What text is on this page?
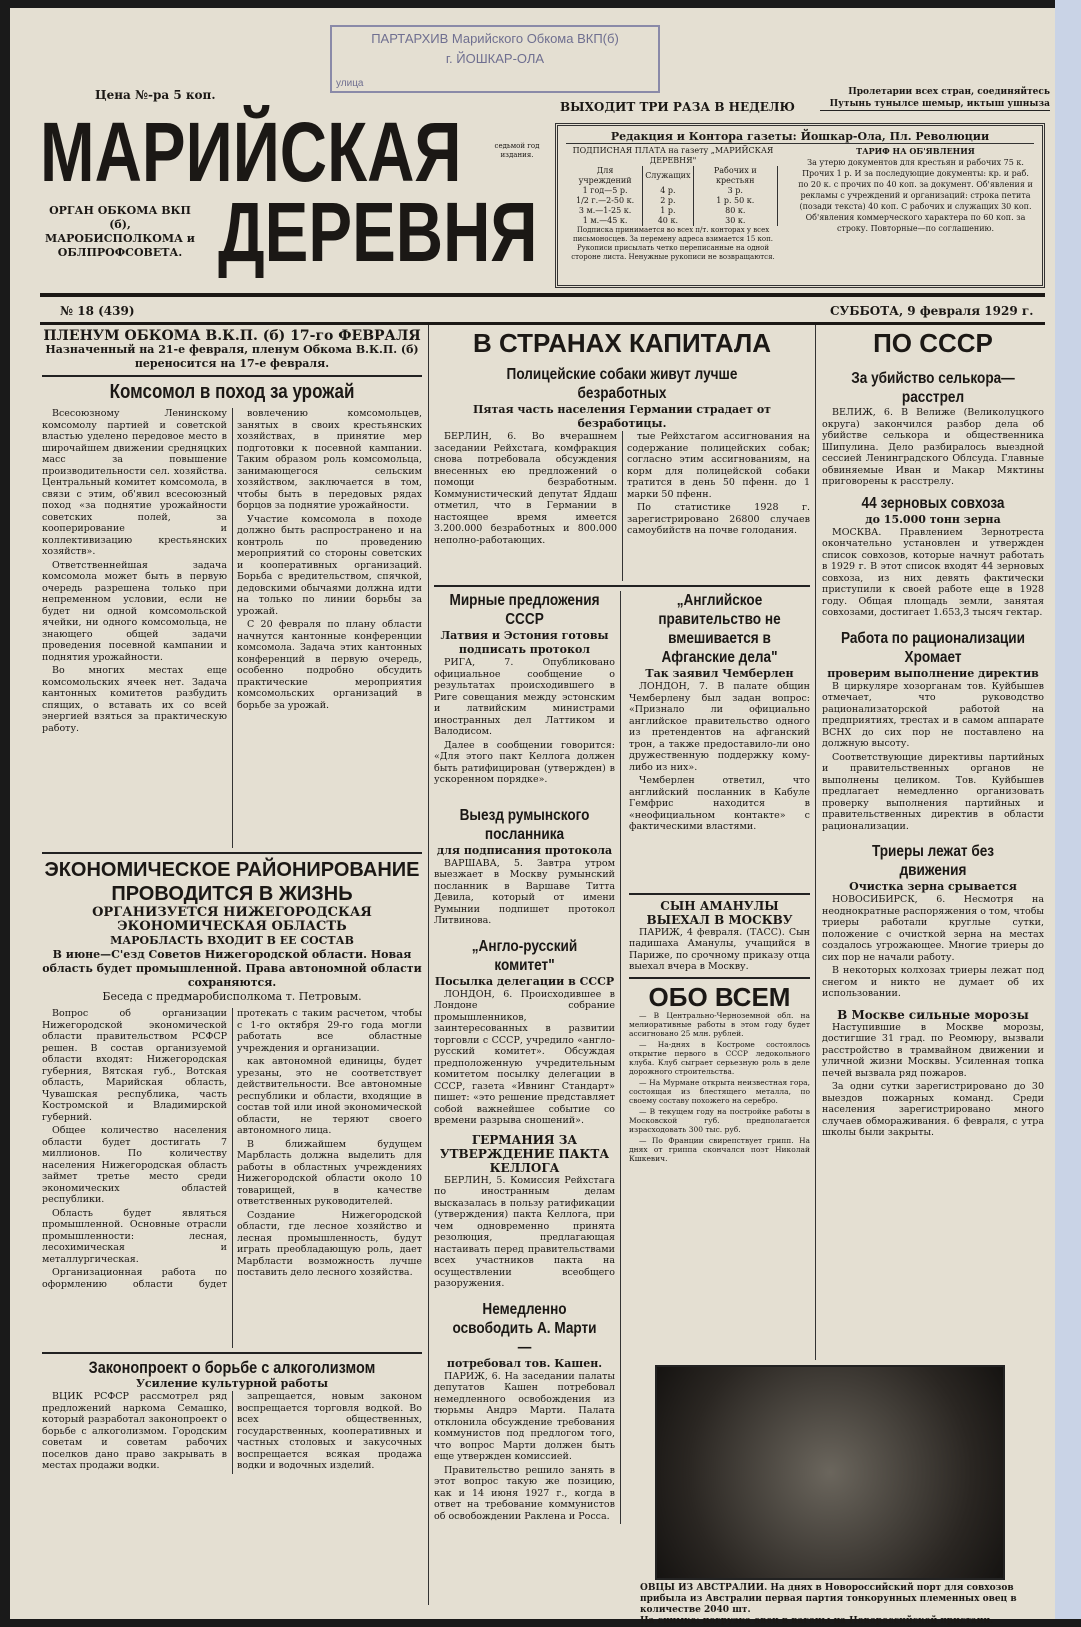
ПАРТАРХИВ Марийского Обкома ВКП(б)
г. ЙОШКАР-ОЛА
улица
Цена №-ра 5 коп.
МАРИЙСКАЯ
ДЕРЕВНЯ
седьмой год издания.
ОРГАН ОБКОМА ВКП (б), МАРОБИСПОЛКОМА и ОБЛПРОФСОВЕТА.
ВЫХОДИТ ТРИ РАЗА В НЕДЕЛЮ
Пролетарии всех стран, соединяйтесь
Путынь тунылсе шемыр, иктыш ушныза
Редакция и Контора газеты: Йошкар-Ола, Пл. Революции
ПОДПИСНАЯ ПЛАТА на газету „МАРИЙСКАЯ ДЕРЕВНЯ"
Для учреждений	Служащих	Рабочих и крестьян
1 год—5 р.	4 р.	3 р.
1/2 г.—2-50 к.	2 р.	1 р. 50 к.
3 м.—1-25 к.	1 р.	80 к.
1 м.—45 к.	40 к.	30 к.
Подписка принимается во всех п/т. конторах у всех письмоносцев. За перемену адреса взимается 15 коп. Рукописи присылать четко переписанные на одной стороне листа. Ненужные рукописи не возвращаются.
ТАРИФ НА ОБ'ЯВЛЕНИЯ
За утерю документов для крестьян и рабочих 75 к. Прочих 1 р. И за последующие документы: кр. и раб. по 20 к. с прочих по 40 коп. за документ. Об'явления и рекламы с учреждений и организаций: строка петита (позади текста) 40 коп. С рабочих и служащих 30 коп. Об'явления коммерческого характера по 60 коп. за строку. Повторные—по соглашению.
№ 18 (439)	СУББОТА, 9 февраля 1929 г.
ПЛЕНУМ ОБКОМА В.К.П. (б) 17-го ФЕВРАЛЯ
Назначенный на 21-е февраля, пленум Обкома В.К.П. (б) переносится на 17-е февраля.
Комсомол в поход за урожай

Всесоюзному Ленинскому комсомолу партией и советской властью уделено передовое место в широчайшем движении средняцких масс за повышение производительности сел. хозяйства. Центральный комитет комсомола, в связи с этим, об'явил всесоюзный поход «за поднятие урожайности советских полей, за кооперирование и коллективизацию крестьянских хозяйств».

Ответственнейшая задача комсомола может быть в первую очередь разрешена только при непременном условии, если не будет ни одной комсомольской ячейки, ни одного комсомольца, не знающего общей задачи проведения посевной кампании и поднятия урожайности.

Во многих местах еще комсомольских ячеек нет. Задача кантонных комитетов разбудить спящих, о вставать их со всей энергией взяться за практическую работу.

вовлечению комсомольцев, занятых в своих крестьянских хозяйствах, в принятие мер подготовки к посевной кампании. Таким образом роль комсомольца, занимающегося сельским хозяйством, заключается в том, чтобы быть в передовых рядах борцов за поднятие урожайности.

Участие комсомола в походе должно быть распространено и на контроль по проведению мероприятий со стороны советских и кооперативных организаций. Борьба с вредительством, спячкой, дедовскими обычаями должна идти на только по линии борьбы за урожай.

С 20 февраля по плану области начнутся кантонные конференции комсомола. Задача этих кантонных конференций в первую очередь, особенно подробно обсудить практические мероприятия комсомольских организаций в борьбе за урожай.

ЭКОНОМИЧЕСКОЕ РАЙОНИРОВАНИЕ
ПРОВОДИТСЯ В ЖИЗНЬ
ОРГАНИЗУЕТСЯ НИЖЕГОРОДСКАЯ ЭКОНОМИЧЕСКАЯ ОБЛАСТЬ
МАРОБЛАСТЬ ВХОДИТ В ЕЕ СОСТАВ
В июне—С'езд Советов Нижегородской области. Новая область будет промышленной. Права автономной области сохраняются.
Беседа с предмаробисполкома т. Петровым.

Вопрос об организации Нижегородской экономической области правительством РСФСР решен. В состав организуемой области входят: Нижегородская губерния, Вятская губ., Вотская область, Марийская область, Чувашская республика, часть Костромской и Владимирской губерний.

Общее количество населения области будет достигать 7 миллионов. По количеству населения Нижегородская область займет третье место среди экономических областей республики.

Область будет являться промышленной. Основные отрасли промышленности: лесная, лесохимическая и металлургическая.

Организационная работа по оформлению области будет протекать с таким расчетом, чтобы с 1-го октября 29-го года могли работать все областные учреждения и организации.

как автономной единицы, будет урезаны, это не соответствует действительности. Все автономные республики и области, входящие в состав той или иной экономической области, не теряют своего автономного лица.

В ближайшем будущем Марбласть должна выделить для работы в областных учреждениях Нижегородской области около 10 товарищей, в качестве ответственных руководителей.

Создание Нижегородской области, где лесное хозяйство и лесная промышленность, будут играть преобладающую роль, дает Марбласти возможность лучше поставить дело лесного хозяйства.

Законопроект о борьбе с алкоголизмом
Усиление культурной работы

ВЦИК РСФСР рассмотрел ряд предложений наркома Семашко, который разработал законопроект о борьбе с алкоголизмом. Городским советам и советам рабочих поселков дано право закрывать в местах продажи водки.

запрещается, новым законом воспрещается торговля водкой. Во всех общественных, государственных, кооперативных и частных столовых и закусочных воспрещается всякая продажа водки и водочных изделий.

В СТРАНАХ КАПИТАЛА
Полицейские собаки живут лучше безработных
Пятая часть населения Германии страдает от безработицы.

БЕРЛИН, 6. Во вчерашнем заседании Рейхстага, комфракция снова потребовала обсуждения внесенных ею предложений о помощи безработным. Коммунистический депутат Яддаш отметил, что в Германии в настоящее время имеется 3.200.000 безработных и 800.000 неполно-работающих.

тые Рейхстагом ассигнования на содержание полицейских собак; согласно этим ассигнованиям, на корм для полицейской собаки тратится в день 50 пфенн. до 1 марки 50 пфенн.

По статистике 1928 г. зарегистрировано 26800 случаев самоубийств на почве голодания.

Мирные предложения СССР
Латвия и Эстония готовы подписать протокол

РИГА, 7. Опубликовано официальное сообщение о результатах происходившего в Риге совещания между эстонским и латвийским министрами иностранных дел Латтиком и Валодисом.

Далее в сообщении говорится: «Для этого пакт Келлога должен быть ратифицирован (утвержден) в ускоренном порядке».

Выезд румынского посланника
для подписания протокола

ВАРШАВА, 5. Завтра утром выезжает в Москву румынский посланник в Варшаве Титта Девила, который от имени Румынии подпишет протокол Литвинова.

„Англо-русский комитет"
Посылка делегации в СССР

ЛОНДОН, 6. Происходившее в Лондоне собрание промышленников, заинтересованных в развитии торговли с СССР, учредило «англо-русский комитет». Обсуждая предположенную учредительным комитетом посылку делегации в СССР, газета «Ивнинг Стандарт» пишет: «это решение представляет собой важнейшее событие со времени разрыва сношений».

ГЕРМАНИЯ ЗА УТВЕРЖДЕНИЕ ПАКТА КЕЛЛОГА

БЕРЛИН, 5. Комиссия Рейхстага по иностранным делам высказалась в пользу ратификации (утверждения) пакта Келлога, при чем одновременно принята резолюция, предлагающая настаивать перед правительствами всех участников пакта на осуществлении всеобщего разоружения.

Немедленно освободить А. Марти—
потребовал тов. Кашен.

ПАРИЖ, 6. На заседании палаты депутатов Кашен потребовал немедленного освобождения из тюрьмы Андрэ Марти. Палата отклонила обсуждение требования коммунистов под предлогом того, что вопрос Марти должен быть еще утвержден комиссией.

Правительство решило занять в этот вопрос такую же позицию, как и 14 июня 1927 г., когда в ответ на требование коммунистов об освобождении Раклена и Росса.

„Английское правительство не вмешивается в Афганские дела"
Так заявил Чемберлен

ЛОНДОН, 7. В палате общин Чемберлену был задан вопрос: «Признало ли официально английское правительство одного из претендентов на афганский трон, а также предоставило-ли оно дружественную поддержку кому-либо из них».

Чемберлен ответил, что английский посланник в Кабуле Гемфрис находится в «неофициальном контакте» с фактическими властями.

СЫН АМАНУЛЫ ВЫЕХАЛ В МОСКВУ

ПАРИЖ, 4 февраля. (ТАСС). Сын падишаха Аманулы, учащийся в Париже, по срочному приказу отца выехал вчера в Москву.

ОБО ВСЕМ

— В Центрально-Черноземной обл. на мелиоративные работы в этом году будет ассигновано 25 млн. рублей.

— На-днях в Костроме состоялось открытие первого в СССР ледокольного клуба. Клуб сыграет серьезную роль в деле дорожного строительства.

— На Мурмане открыта неизвестная гора, состоящая из блестящего металла, по своему составу похожего на серебро.

— В текущем году на постройке работы в Московской губ. предполагается израсходовать 300 тыс. руб.

— По Франции свирепствует грипп. На днях от гриппа скончался поэт Николай Кшкевич.

ПО СССР
За убийство селькора—расстрел

ВЕЛИЖ, 6. В Велиже (Великолуцкого округа) закончился разбор дела об убийстве селькора и общественника Шипулина. Дело разбиралось выездной сессией Ленинградского Облсуда. Главные обвиняемые Иван и Макар Мяктины приговорены к расстрелу.

44 зерновых совхоза
до 15.000 тонн зерна

МОСКВА. Правлением Зернотреста окончательно установлен и утвержден список совхозов, которые начнут работать в 1929 г. В этот список входят 44 зерновых совхоза, из них девять фактически приступили к своей работе еще в 1928 году. Общая площадь земли, занятая совхозами, достигает 1.653,3 тысяч гектар.

Работа по рационализации
Хромает
проверим выполнение директив

В циркуляре хозорганам тов. Куйбышев отмечает, что руководство рационализаторской работой на предприятиях, трестах и в самом аппарате ВСНХ до сих пор не поставлено на должную высоту.

Соответствующие директивы партийных и правительственных органов не выполнены целиком. Тов. Куйбышев предлагает немедленно организовать проверку выполнения партийных и правительственных директив в области рационализации.

Триеры лежат без движения
Очистка зерна срывается

НОВОСИБИРСК, 6. Несмотря на неоднократные распоряжения о том, чтобы триеры работали круглые сутки, положение с очисткой зерна на местах создалось угрожающее. Многие триеры до сих пор не начали работу.

В некоторых колхозах триеры лежат под снегом и никто не думает об их использовании.

В Москве сильные морозы

Наступившие в Москве морозы, достигшие 31 град. по Реомюру, вызвали расстройство в трамвайном движении и уличной жизни Москвы. Усиленная топка печей вызвала ряд пожаров.

За одни сутки зарегистрировано до 30 выездов пожарных команд. Среди населения зарегистрировано много случаев обмораживания. 6 февраля, с утра школы были закрыты.

ОВЦЫ ИЗ АВСТРАЛИИ. На днях в Новороссийский порт для совхозов прибыла из Австралии первая партия тонкорунных племенных овец в количестве 2040 шт.
На снимке: погрузка овец в вагоны на Новороссийской пристани.
